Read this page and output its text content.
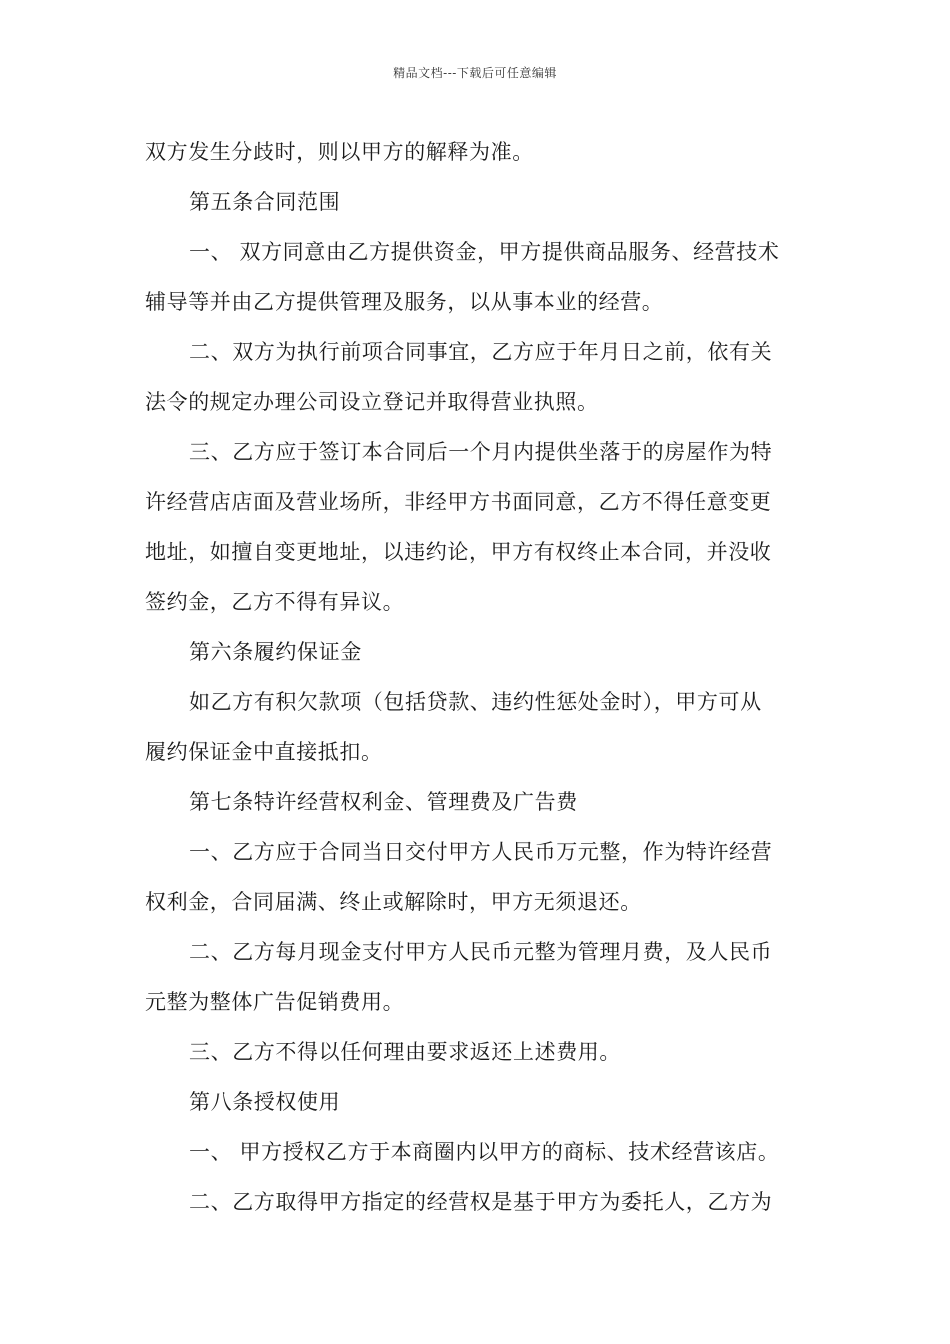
精品文档---下载后可任意编辑
双方发生分歧时，则以甲方的解释为准。
第五条合同范围
一、 双方同意由乙方提供资金，甲方提供商品服务、经营技术
辅导等并由乙方提供管理及服务，以从事本业的经营。
二、双方为执行前项合同事宜，乙方应于年月日之前，依有关
法令的规定办理公司设立登记并取得营业执照。
三、乙方应于签订本合同后一个月内提供坐落于的房屋作为特
许经营店店面及营业场所，非经甲方书面同意，乙方不得任意变更
地址，如擅自变更地址，以违约论，甲方有权终止本合同，并没收
签约金，乙方不得有异议。
第六条履约保证金
如乙方有积欠款项（包括贷款、违约性惩处金时），甲方可从
履约保证金中直接抵扣。
第七条特许经营权利金、管理费及广告费
一、乙方应于合同当日交付甲方人民币万元整，作为特许经营
权利金，合同届满、终止或解除时，甲方无须退还。
二、乙方每月现金支付甲方人民币元整为管理月费，及人民币
元整为整体广告促销费用。
三、乙方不得以任何理由要求返还上述费用。
第八条授权使用
一、 甲方授权乙方于本商圈内以甲方的商标、技术经营该店。
二、乙方取得甲方指定的经营权是基于甲方为委托人，乙方为
